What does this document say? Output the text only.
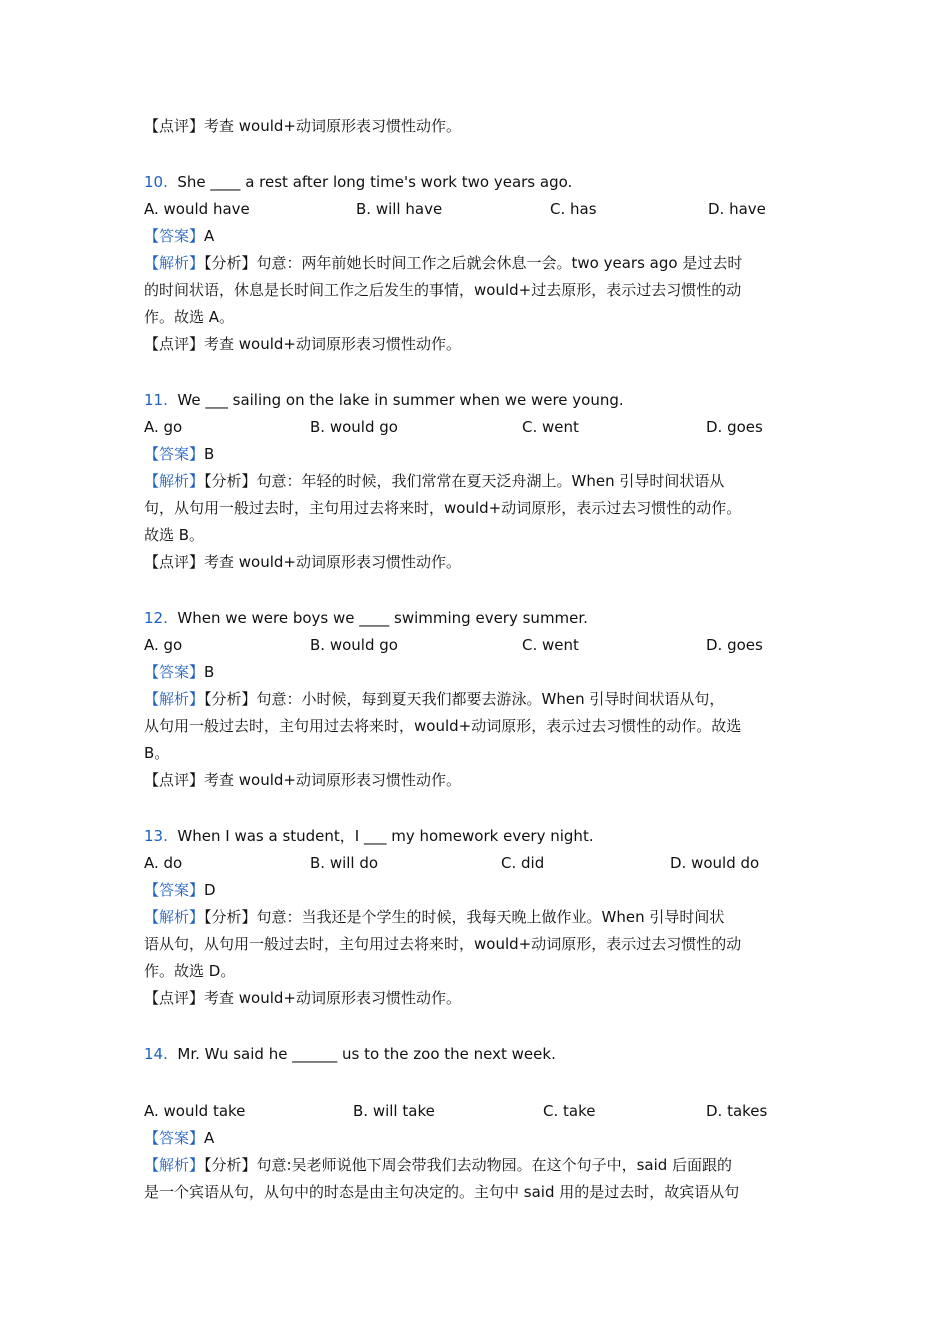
【点评】考查 would+动词原形表习惯性动作。
10. She ____ a rest after long time's work two years ago.
A. would have	B. will have	C. has	D. have
【答案】A
【解析】【分析】句意：两年前她长时间工作之后就会休息一会。two years ago 是过去时
的时间状语，休息是长时间工作之后发生的事情，would+过去原形，表示过去习惯性的动
作。故选 A。
【点评】考查 would+动词原形表习惯性动作。
11. We ___ sailing on the lake in summer when we were young.
A. go	B. would go	C. went	D. goes
【答案】B
【解析】【分析】句意：年轻的时候，我们常常在夏天泛舟湖上。When 引导时间状语从
句，从句用一般过去时，主句用过去将来时，would+动词原形，表示过去习惯性的动作。
故选 B。
【点评】考查 would+动词原形表习惯性动作。
12. When we were boys we ____ swimming every summer.
A. go	B. would go	C. went	D. goes
【答案】B
【解析】【分析】句意：小时候，每到夏天我们都要去游泳。When 引导时间状语从句，
从句用一般过去时，主句用过去将来时，would+动词原形，表示过去习惯性的动作。故选
B。
【点评】考查 would+动词原形表习惯性动作。
13. When I was a student，I ___ my homework every night.
A. do	B. will do	C. did	D. would do
【答案】D
【解析】【分析】句意：当我还是个学生的时候，我每天晚上做作业。When 引导时间状
语从句，从句用一般过去时，主句用过去将来时，would+动词原形，表示过去习惯性的动
作。故选 D。
【点评】考查 would+动词原形表习惯性动作。
14. Mr. Wu said he ______ us to the zoo the next week.
A. would take	B. will take	C. take	D. takes
【答案】A
【解析】【分析】句意:吴老师说他下周会带我们去动物园。在这个句子中，said 后面跟的
是一个宾语从句，从句中的时态是由主句决定的。主句中 said 用的是过去时，故宾语从句
